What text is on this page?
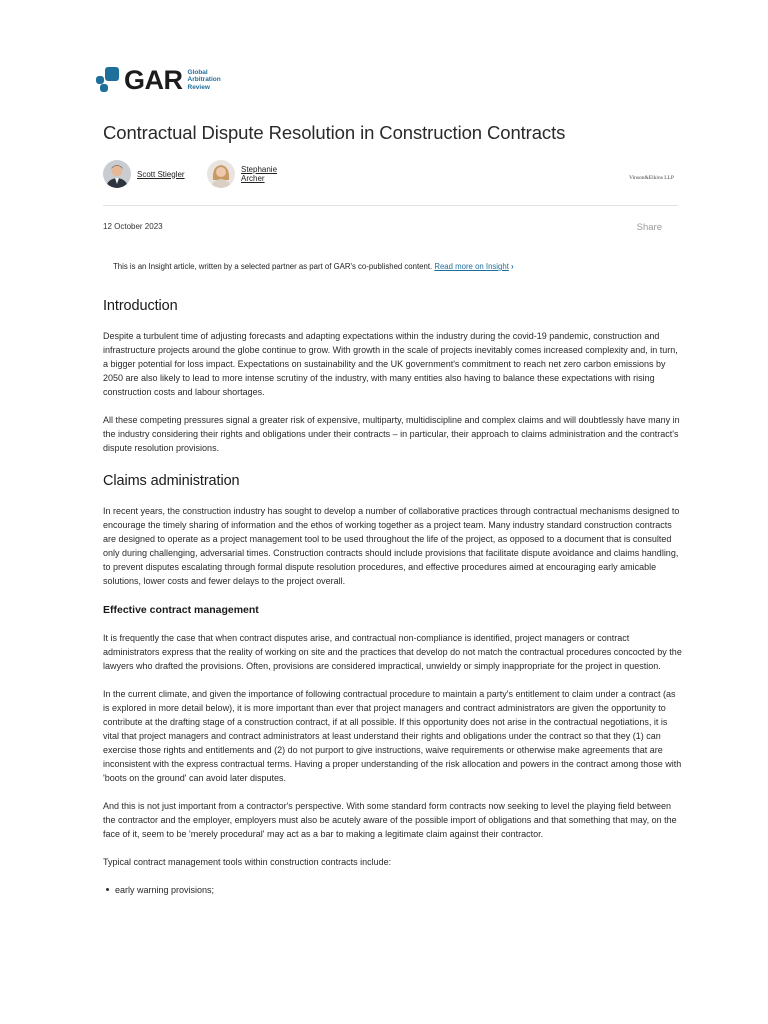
GAR Global
Arbitration
Review
Contractual Dispute Resolution in Construction Contracts
Scott Stiegler	Stephanie
Archer	Vinson&Elkins LLP
12 October 2023	Share
This is an Insight article, written by a selected partner as part of GAR's co-published content. Read more on Insight ›
Introduction

Despite a turbulent time of adjusting forecasts and adapting expectations within the industry during the covid-19 pandemic, construction and infrastructure projects around the globe continue to grow. With growth in the scale of projects inevitably comes increased complexity and, in turn, a bigger potential for loss impact. Expectations on sustainability and the UK government's commitment to reach net zero carbon emissions by 2050 are also likely to lead to more intense scrutiny of the industry, with many entities also having to balance these expectations with rising construction costs and labour shortages.

All these competing pressures signal a greater risk of expensive, multiparty, multidiscipline and complex claims and will doubtlessly have many in the industry considering their rights and obligations under their contracts – in particular, their approach to claims administration and the contract's dispute resolution provisions.

Claims administration

In recent years, the construction industry has sought to develop a number of collaborative practices through contractual mechanisms designed to encourage the timely sharing of information and the ethos of working together as a project team. Many industry standard construction contracts are designed to operate as a project management tool to be used throughout the life of the project, as opposed to a document that is consulted only during challenging, adversarial times. Construction contracts should include provisions that facilitate dispute avoidance and claims handling, to prevent disputes escalating through formal dispute resolution procedures, and effective procedures aimed at encouraging early amicable solutions, lower costs and fewer delays to the project overall.

Effective contract management

It is frequently the case that when contract disputes arise, and contractual non-compliance is identified, project managers or contract administrators express that the reality of working on site and the practices that develop do not match the contractual procedures concocted by the lawyers who drafted the provisions. Often, provisions are considered impractical, unwieldy or simply inappropriate for the project in question.

In the current climate, and given the importance of following contractual procedure to maintain a party's entitlement to claim under a contract (as is explored in more detail below), it is more important than ever that project managers and contract administrators are given the opportunity to contribute at the drafting stage of a construction contract, if at all possible. If this opportunity does not arise in the contractual negotiations, it is vital that project managers and contract administrators at least understand their rights and obligations under the contract so that they (1) can exercise those rights and entitlements and (2) do not purport to give instructions, waive requirements or otherwise make agreements that are inconsistent with the express contractual terms. Having a proper understanding of the risk allocation and powers in the contract among those with 'boots on the ground' can avoid later disputes.

And this is not just important from a contractor's perspective. With some standard form contracts now seeking to level the playing field between the contractor and the employer, employers must also be acutely aware of the possible import of obligations and that something that may, on the face of it, seem to be 'merely procedural' may act as a bar to making a legitimate claim against their contractor.

Typical contract management tools within construction contracts include:

early warning provisions;
